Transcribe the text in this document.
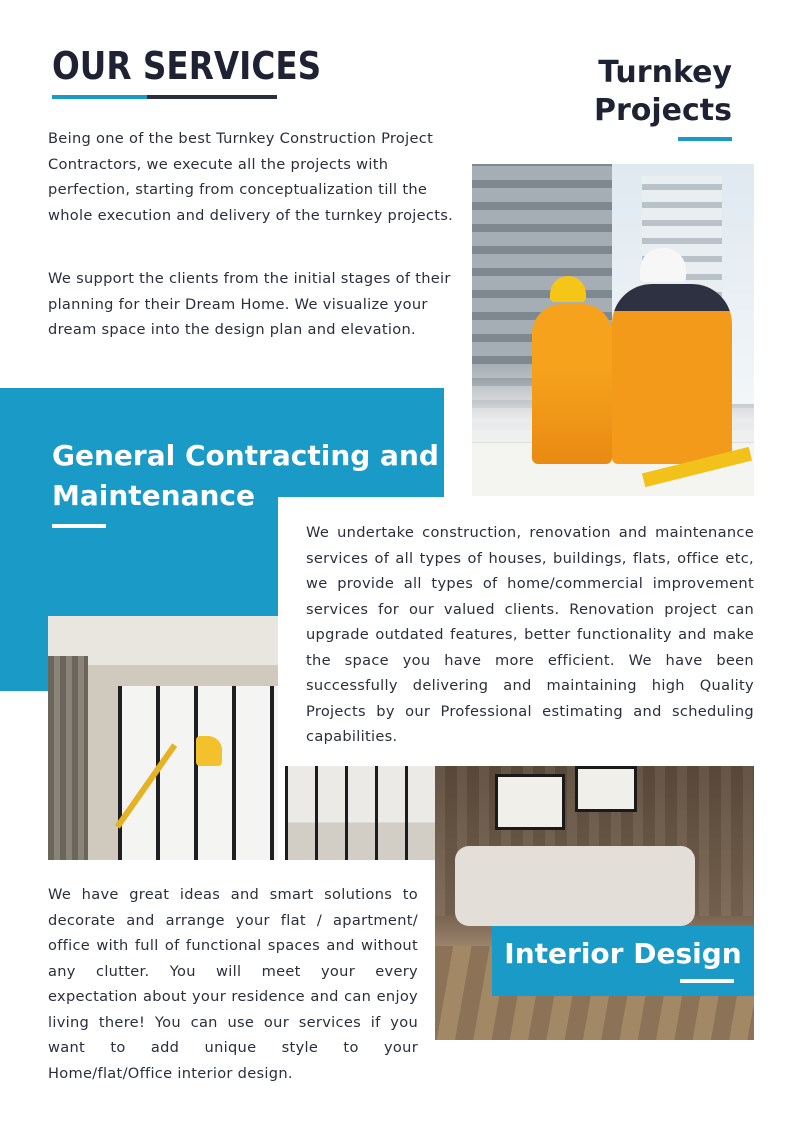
OUR SERVICES	Turnkey Projects

Being one of the best Turnkey Construction Project Contractors, we execute all the projects with perfection, starting from conceptualization till the whole execution and delivery of the turnkey projects.

We support the clients from the initial stages of their planning for their Dream Home. We visualize your dream space into the design plan and elevation.

General Contracting and Maintenance

We undertake construction, renovation and maintenance services of all types of houses, buildings, flats, office etc, we provide all types of home/commercial improvement services for our valued clients. Renovation project can upgrade outdated features, better functionality and make the space you have more efficient. We have been successfully delivering and maintaining high Quality Projects by our Professional estimating and scheduling capabilities.

Interior Design

We have great ideas and smart solutions to decorate and arrange your flat / apartment/ office with full of functional spaces and without any clutter. You will meet your every expectation about your residence and can enjoy living there! You can use our services if you want to add unique style to your Home/flat/Office interior design.
